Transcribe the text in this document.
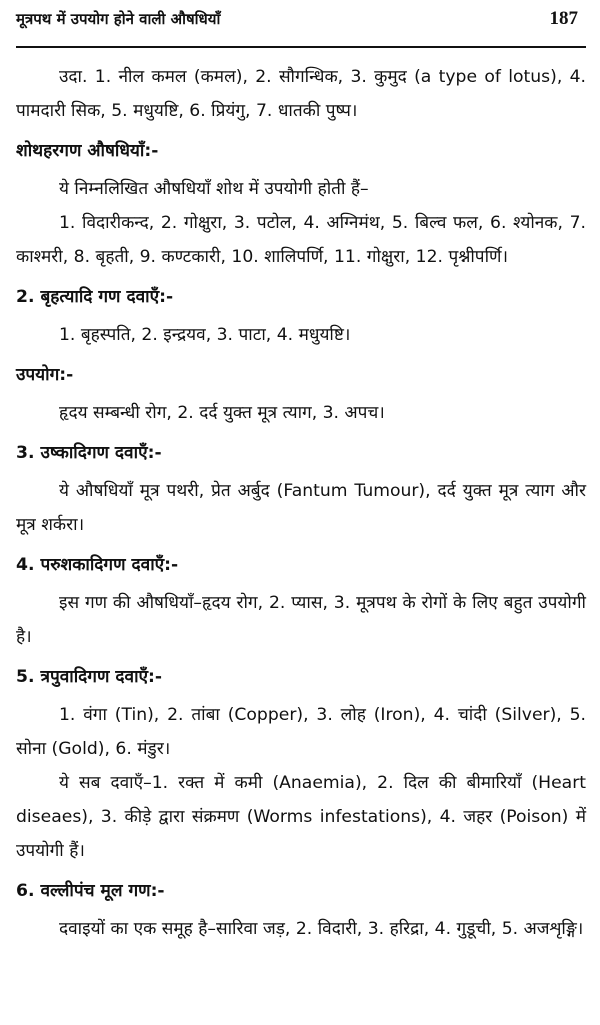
मूत्रपथ में उपयोग होने वाली औषधियाँ	187

उदा. 1. नील कमल (कमल), 2. सौगन्धिक, 3. कुमुद (a type of lotus), 4. पामदारी सिक, 5. मधुयष्टि, 6. प्रियंगु, 7. धातकी पुष्प।

शोथहरगण औषधियाँ:-

ये निम्नलिखित औषधियाँ शोथ में उपयोगी होती हैं–

1. विदारीकन्द, 2. गोक्षुरा, 3. पटोल, 4. अग्निमंथ, 5. बिल्व फल, 6. श्योनक, 7. काश्मरी, 8. बृहती, 9. कण्टकारी, 10. शालिपर्णि, 11. गोक्षुरा, 12. पृश्नीपर्णि।

2. बृहत्यादि गण दवाएँ:-

1. बृहस्पति, 2. इन्द्रयव, 3. पाटा, 4. मधुयष्टि।

उपयोग:-

हृदय सम्बन्धी रोग, 2. दर्द युक्त मूत्र त्याग, 3. अपच।

3. उष्कादिगण दवाएँ:-

ये औषधियाँ मूत्र पथरी, प्रेत अर्बुद (Fantum Tumour), दर्द युक्त मूत्र त्याग और मूत्र शर्करा।

4. परुशकादिगण दवाएँ:-

इस गण की औषधियाँ–हृदय रोग, 2. प्यास, 3. मूत्रपथ के रोगों के लिए बहुत उपयोगी है।

5. त्रपुवादिगण दवाएँ:-

1. वंगा (Tin), 2. तांबा (Copper), 3. लोह (Iron), 4. चांदी (Silver), 5. सोना (Gold), 6. मंडुर।

ये सब दवाएँ–1. रक्त में कमी (Anaemia), 2. दिल की बीमारियाँ (Heart diseaes), 3. कीड़े द्वारा संक्रमण (Worms infestations), 4. जहर (Poison) में उपयोगी हैं।

6. वल्लीपंच मूल गण:-

दवाइयों का एक समूह है–सारिवा जड़, 2. विदारी, 3. हरिद्रा, 4. गुडूची, 5. अजशृङ्गि।
